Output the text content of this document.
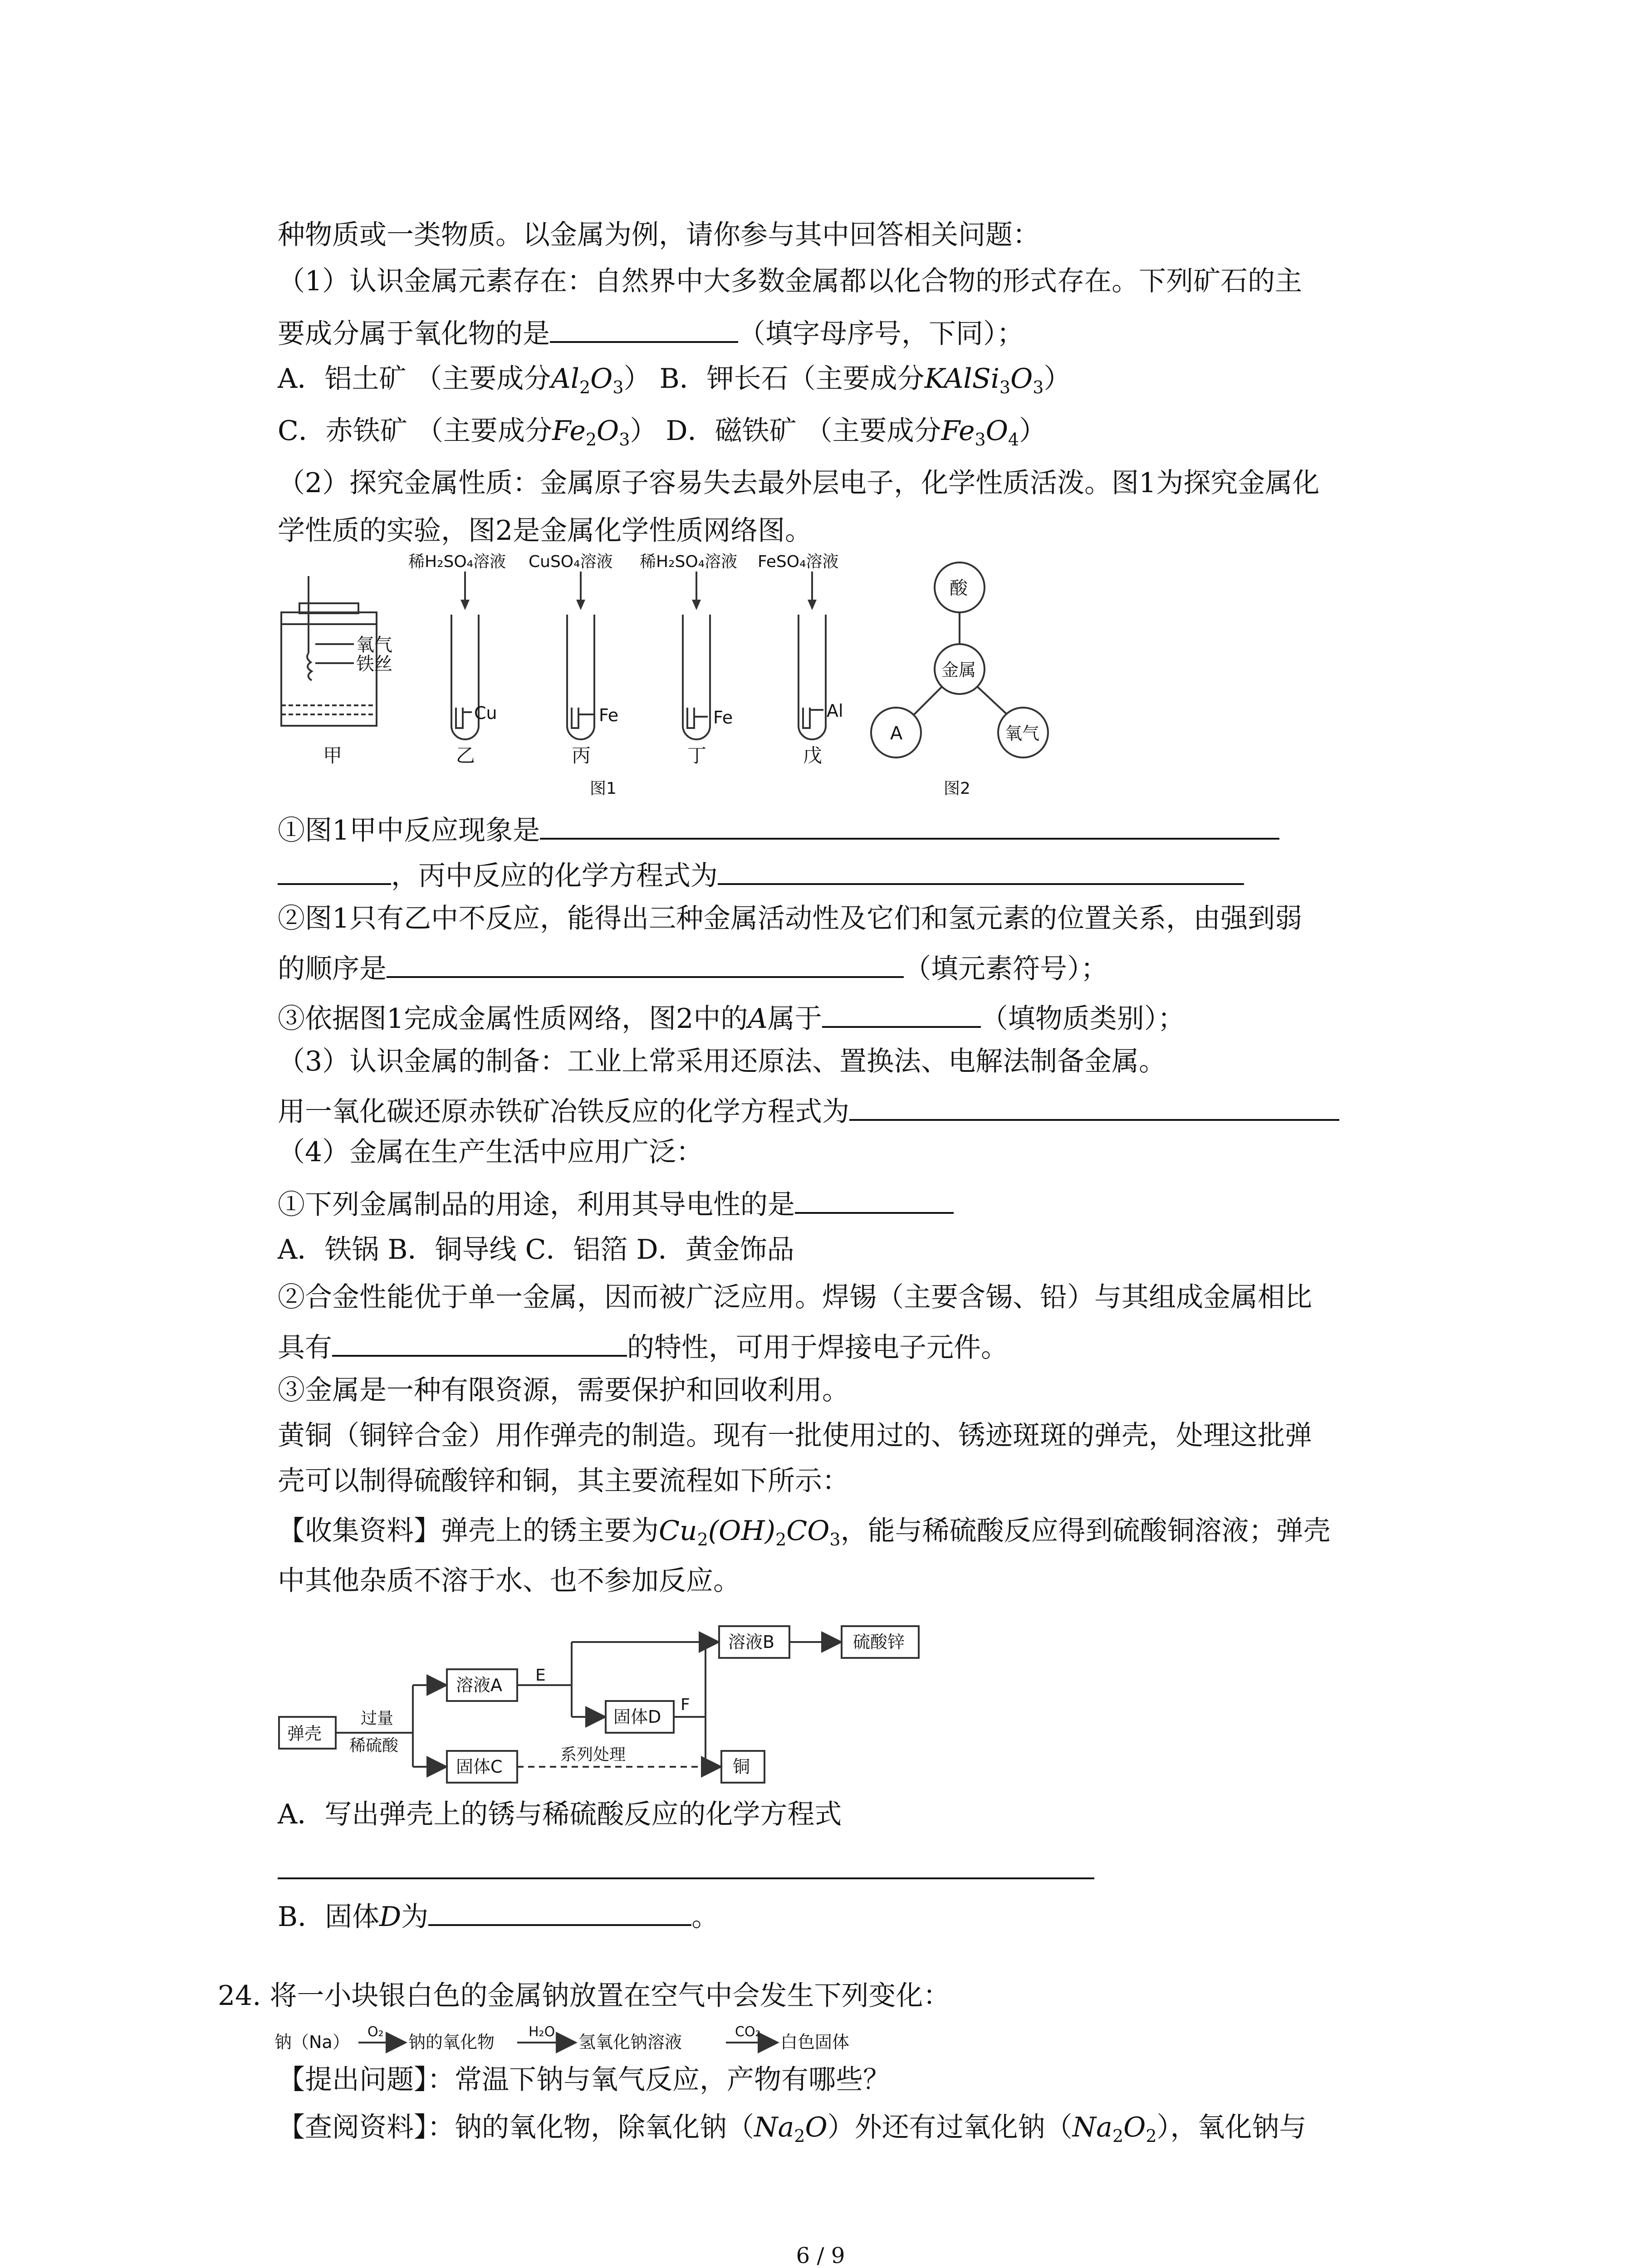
种物质或一类物质。以金属为例，请你参与其中回答相关问题：
（1）认识金属元素存在：自然界中大多数金属都以化合物的形式存在。下列矿石的主
要成分属于氧化物的是	（填字母序号，下同）；
A．铝土矿 （主要成分$Al_2O_3$） B．钾长石（主要成分$KAlSi_3O_3$）
C．赤铁矿 （主要成分$Fe_2O_3$） D．磁铁矿 （主要成分$Fe_3O_4$）
（2）探究金属性质：金属原子容易失去最外层电子，化学性质活泼。图1为探究金属化
学性质的实验，图2是金属化学性质网络图。
氧气
铁丝
甲
稀H₂SO₄溶液 CuSO₄溶液 稀H₂SO₄溶液 FeSO₄溶液
Cu	Fe	Fe	Al
乙	丙	丁	戊
图1
酸
金属
A	氧气
图2
①图1甲中反应现象是
，丙中反应的化学方程式为
②图1只有乙中不反应，能得出三种金属活动性及它们和氢元素的位置关系，由强到弱
的顺序是	（填元素符号）；
③依据图1完成金属性质网络，图2中的A属于	（填物质类别）；
（3）认识金属的制备：工业上常采用还原法、置换法、电解法制备金属。
用一氧化碳还原赤铁矿冶铁反应的化学方程式为
（4）金属在生产生活中应用广泛：
①下列金属制品的用途，利用其导电性的是
A．铁锅 B．铜导线 C．铝箔 D．黄金饰品
②合金性能优于单一金属，因而被广泛应用。焊锡（主要含锡、铅）与其组成金属相比
具有	的特性，可用于焊接电子元件。
③金属是一种有限资源，需要保护和回收利用。
黄铜（铜锌合金）用作弹壳的制造。现有一批使用过的、锈迹斑斑的弹壳，处理这批弹
壳可以制得硫酸锌和铜，其主要流程如下所示：
【收集资料】弹壳上的锈主要为$Cu_2(OH)_2CO_3$，能与稀硫酸反应得到硫酸铜溶液；弹壳
中其他杂质不溶于水、也不参加反应。
弹壳
过量
稀硫酸
溶液A E
溶液B	硫酸锌
固体D
F
固体C
系列处理
铜
A．写出弹壳上的锈与稀硫酸反应的化学方程式
B．固体D为	。
24. 将一小块银白色的金属钠放置在空气中会发生下列变化：
钠（Na）
O₂
钠的氧化物
H₂O
氢氧化钠溶液
CO₂
白色固体
【提出问题】：常温下钠与氧气反应，产物有哪些？
【查阅资料】：钠的氧化物，除氧化钠$(Na_2O)$外还有过氧化钠$(Na_2O_2)$，氧化钠与
6 / 9
